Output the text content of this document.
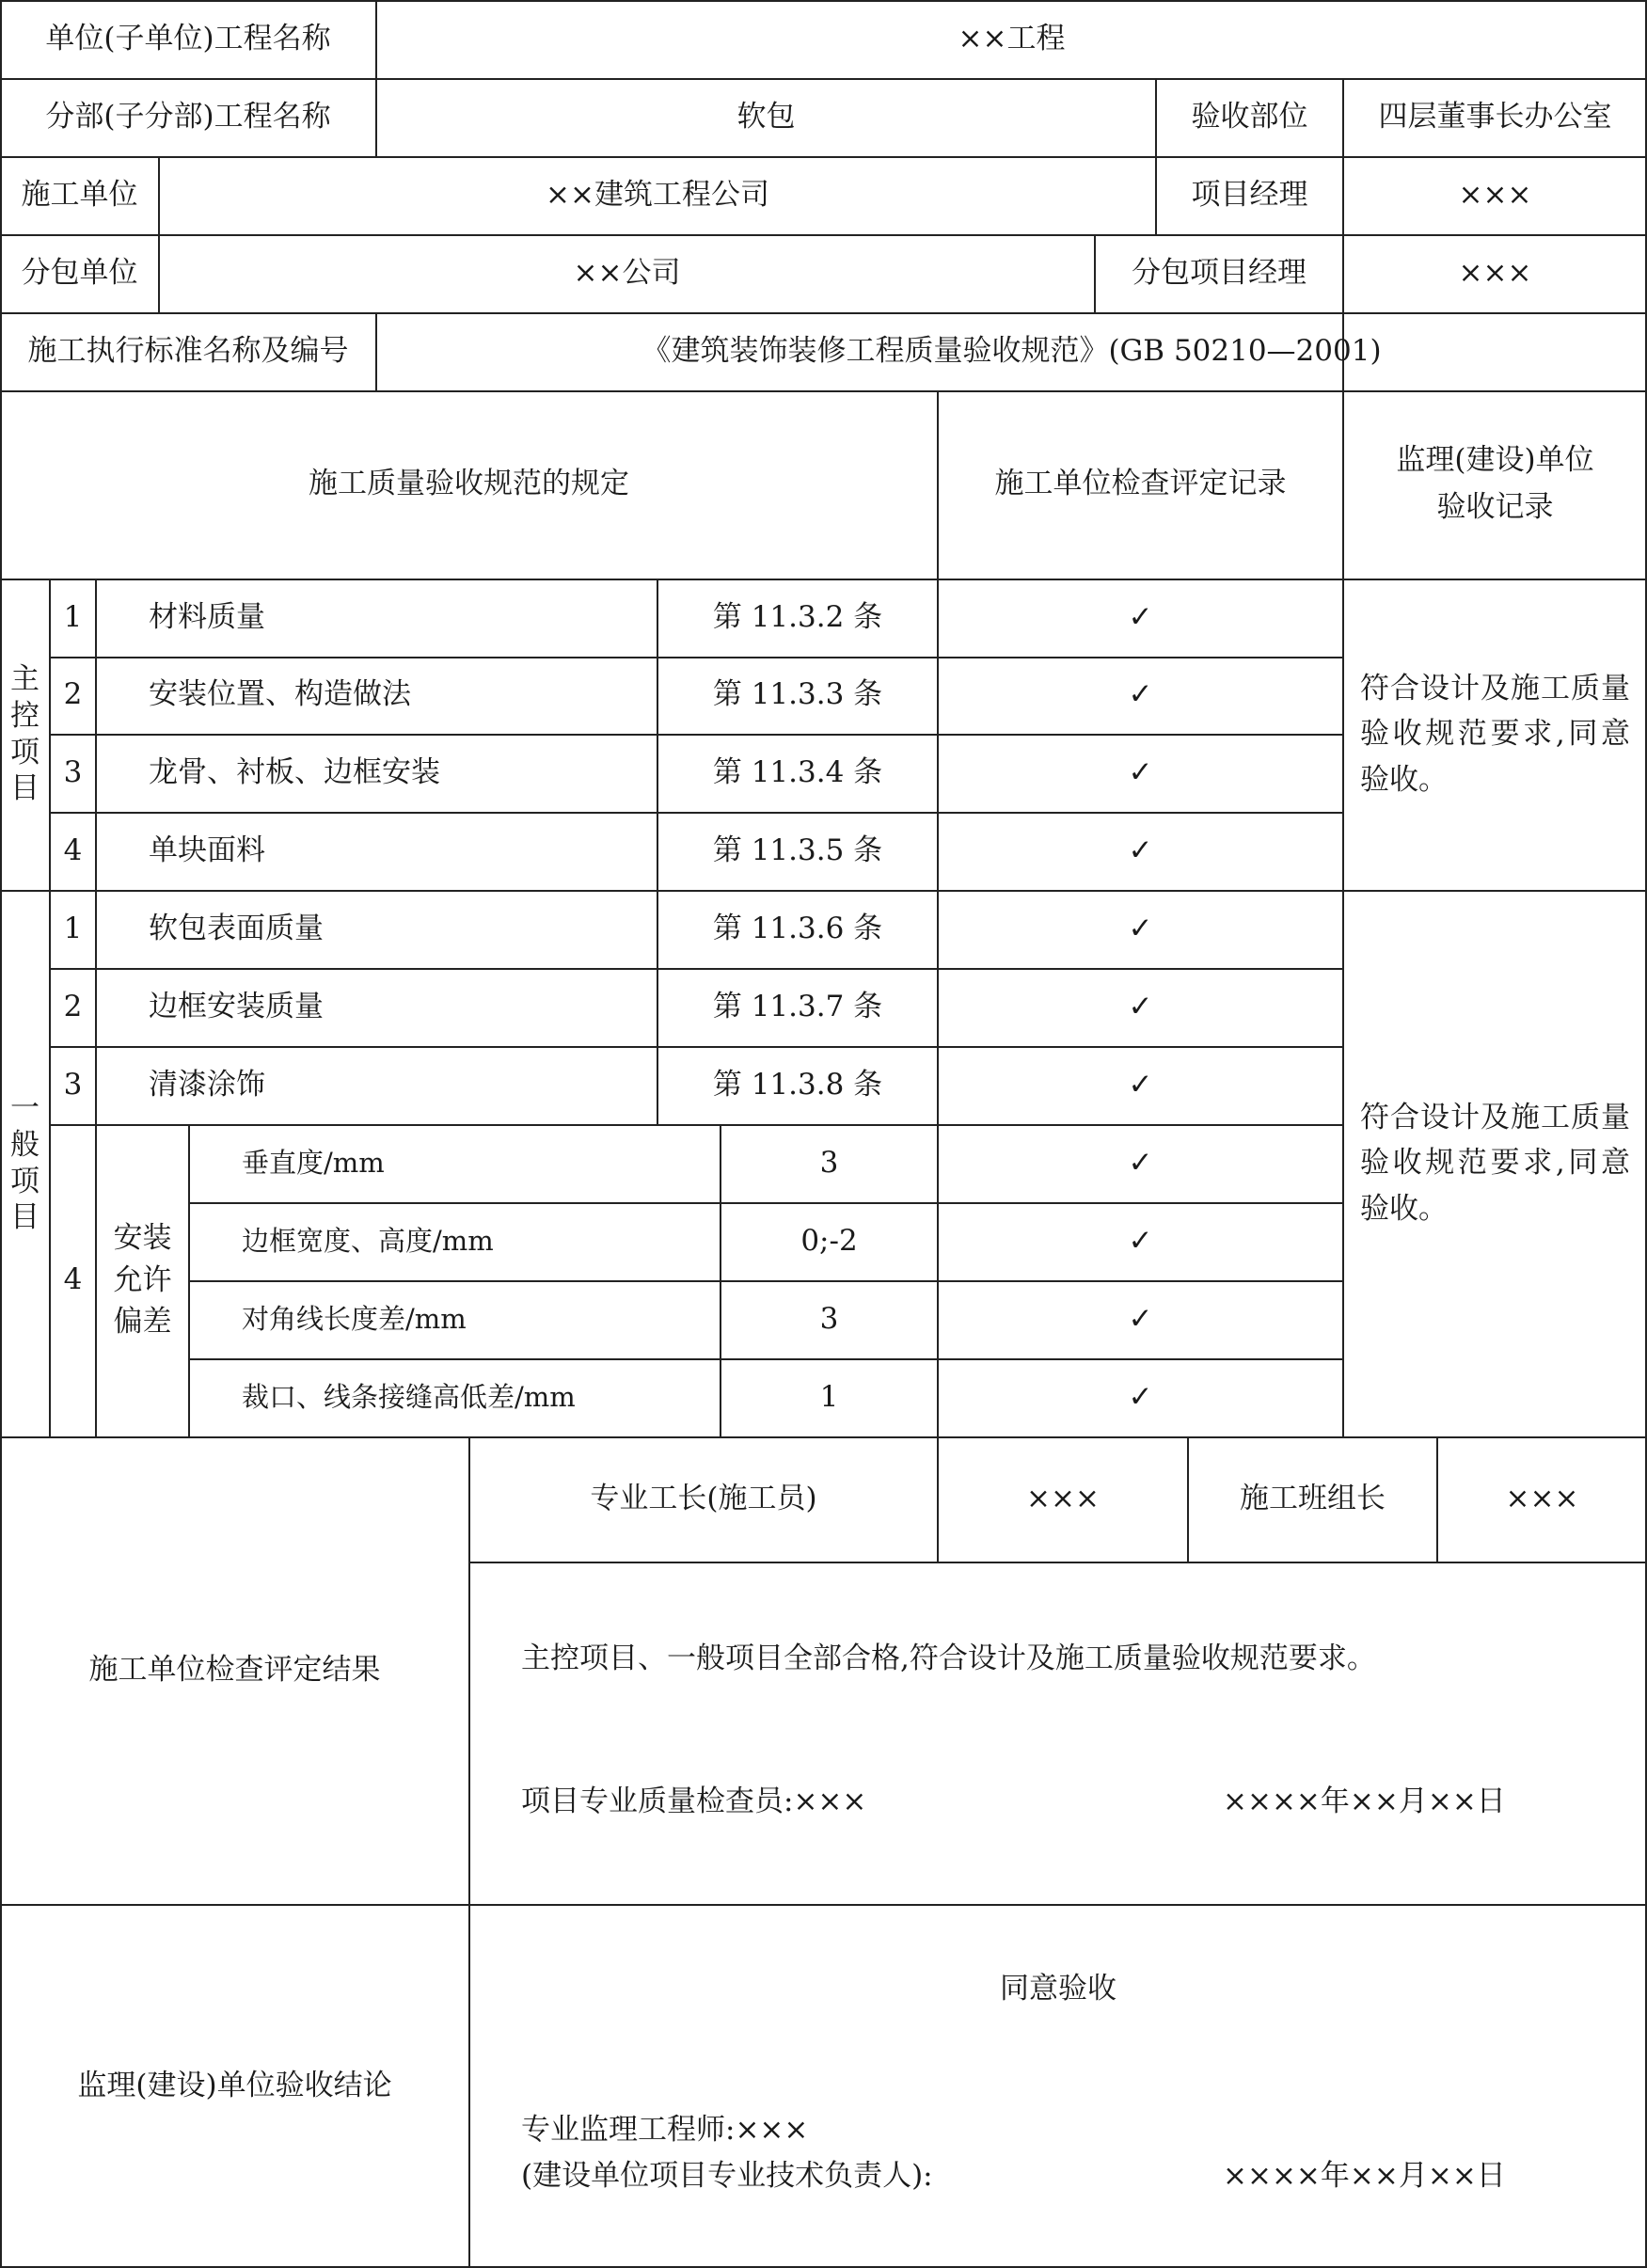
单位(子单位)工程名称	××工程
分部(子分部)工程名称	软包	验收部位	四层董事长办公室
施工单位	××建筑工程公司	项目经理	×××
分包单位	××公司	分包项目经理	×××
施工执行标准名称及编号	《建筑装饰装修工程质量验收规范》(GB 50210—2001)
施工质量验收规范的规定	施工单位检查评定记录
监理(建设)单位
验收记录
主
控
项
目
1	材料质量	第 11.3.2 条	✓
2	安装位置、构造做法	第 11.3.3 条	✓
3	龙骨、衬板、边框安装	第 11.3.4 条	✓
4	单块面料	第 11.3.5 条	✓
符合设计及施工质量验收规范要求,同意验收。
一
般
项
目
1	软包表面质量	第 11.3.6 条	✓
2	边框安装质量	第 11.3.7 条	✓
3	清漆涂饰	第 11.3.8 条	✓
4
安装
允许
偏差
垂直度/mm	3	✓
边框宽度、高度/mm	0;-2	✓
对角线长度差/mm	3	✓
裁口、线条接缝高低差/mm	1	✓
符合设计及施工质量验收规范要求,同意验收。
施工单位检查评定结果
专业工长(施工员)	×××	施工班组长	×××
主控项目、一般项目全部合格,符合设计及施工质量验收规范要求。
项目专业质量检查员:×××	××××年××月××日
监理(建设)单位验收结论
同意验收
专业监理工程师:×××
(建设单位项目专业技术负责人):	××××年××月××日
